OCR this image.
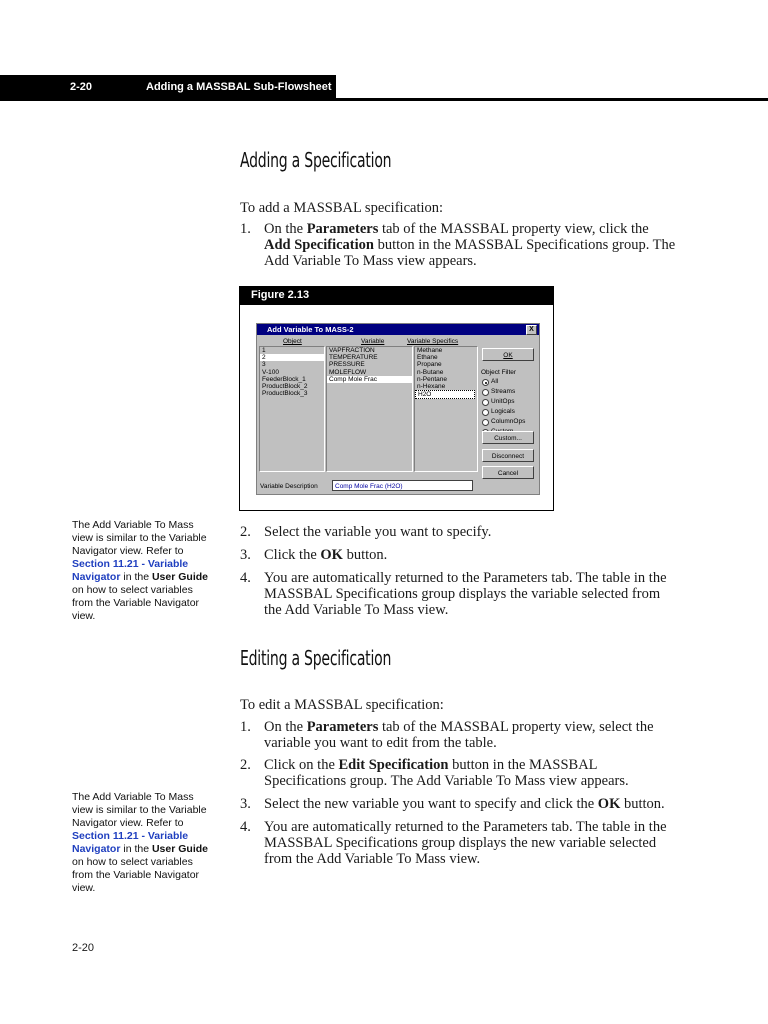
2-20	Adding a MASSBAL Sub-Flowsheet
Adding a Specification
To add a MASSBAL specification:
1. On the Parameters tab of the MASSBAL property view, click the Add Specification button in the MASSBAL Specifications group. The Add Variable To Mass view appears.
Figure 2.13
Add Variable To MASS-2	X
Object	Variable	Variable Specifics
1
2
3
V-100
FeederBlock_1
ProductBlock_2
ProductBlock_3
VAPFRACTION
TEMPERATURE
PRESSURE
MOLEFLOW
Comp Mole Frac
Methane
Ethane
Propane
n-Butane
n-Pentane
n-Hexane
H2O
OK
Object Filter
All
Streams
UnitOps
Logicals
ColumnOps
Custom...
Disconnect
Cancel
Variable Description	Comp Mole Frac (H2O)
2. Select the variable you want to specify.
3. Click the OK button.
4. You are automatically returned to the Parameters tab. The table in the MASSBAL Specifications group displays the variable selected from the Add Variable To Mass view.
The Add Variable To Mass view is similar to the Variable Navigator view. Refer to Section 11.21 - Variable Navigator in the User Guide on how to select variables from the Variable Navigator view.
Editing a Specification
To edit a MASSBAL specification:
1. On the Parameters tab of the MASSBAL property view, select the variable you want to edit from the table.
2. Click on the Edit Specification button in the MASSBAL Specifications group. The Add Variable To Mass view appears.
3. Select the new variable you want to specify and click the OK button.
4. You are automatically returned to the Parameters tab. The table in the MASSBAL Specifications group displays the new variable selected from the Add Variable To Mass view.
The Add Variable To Mass view is similar to the Variable Navigator view. Refer to Section 11.21 - Variable Navigator in the User Guide on how to select variables from the Variable Navigator view.
2-20
